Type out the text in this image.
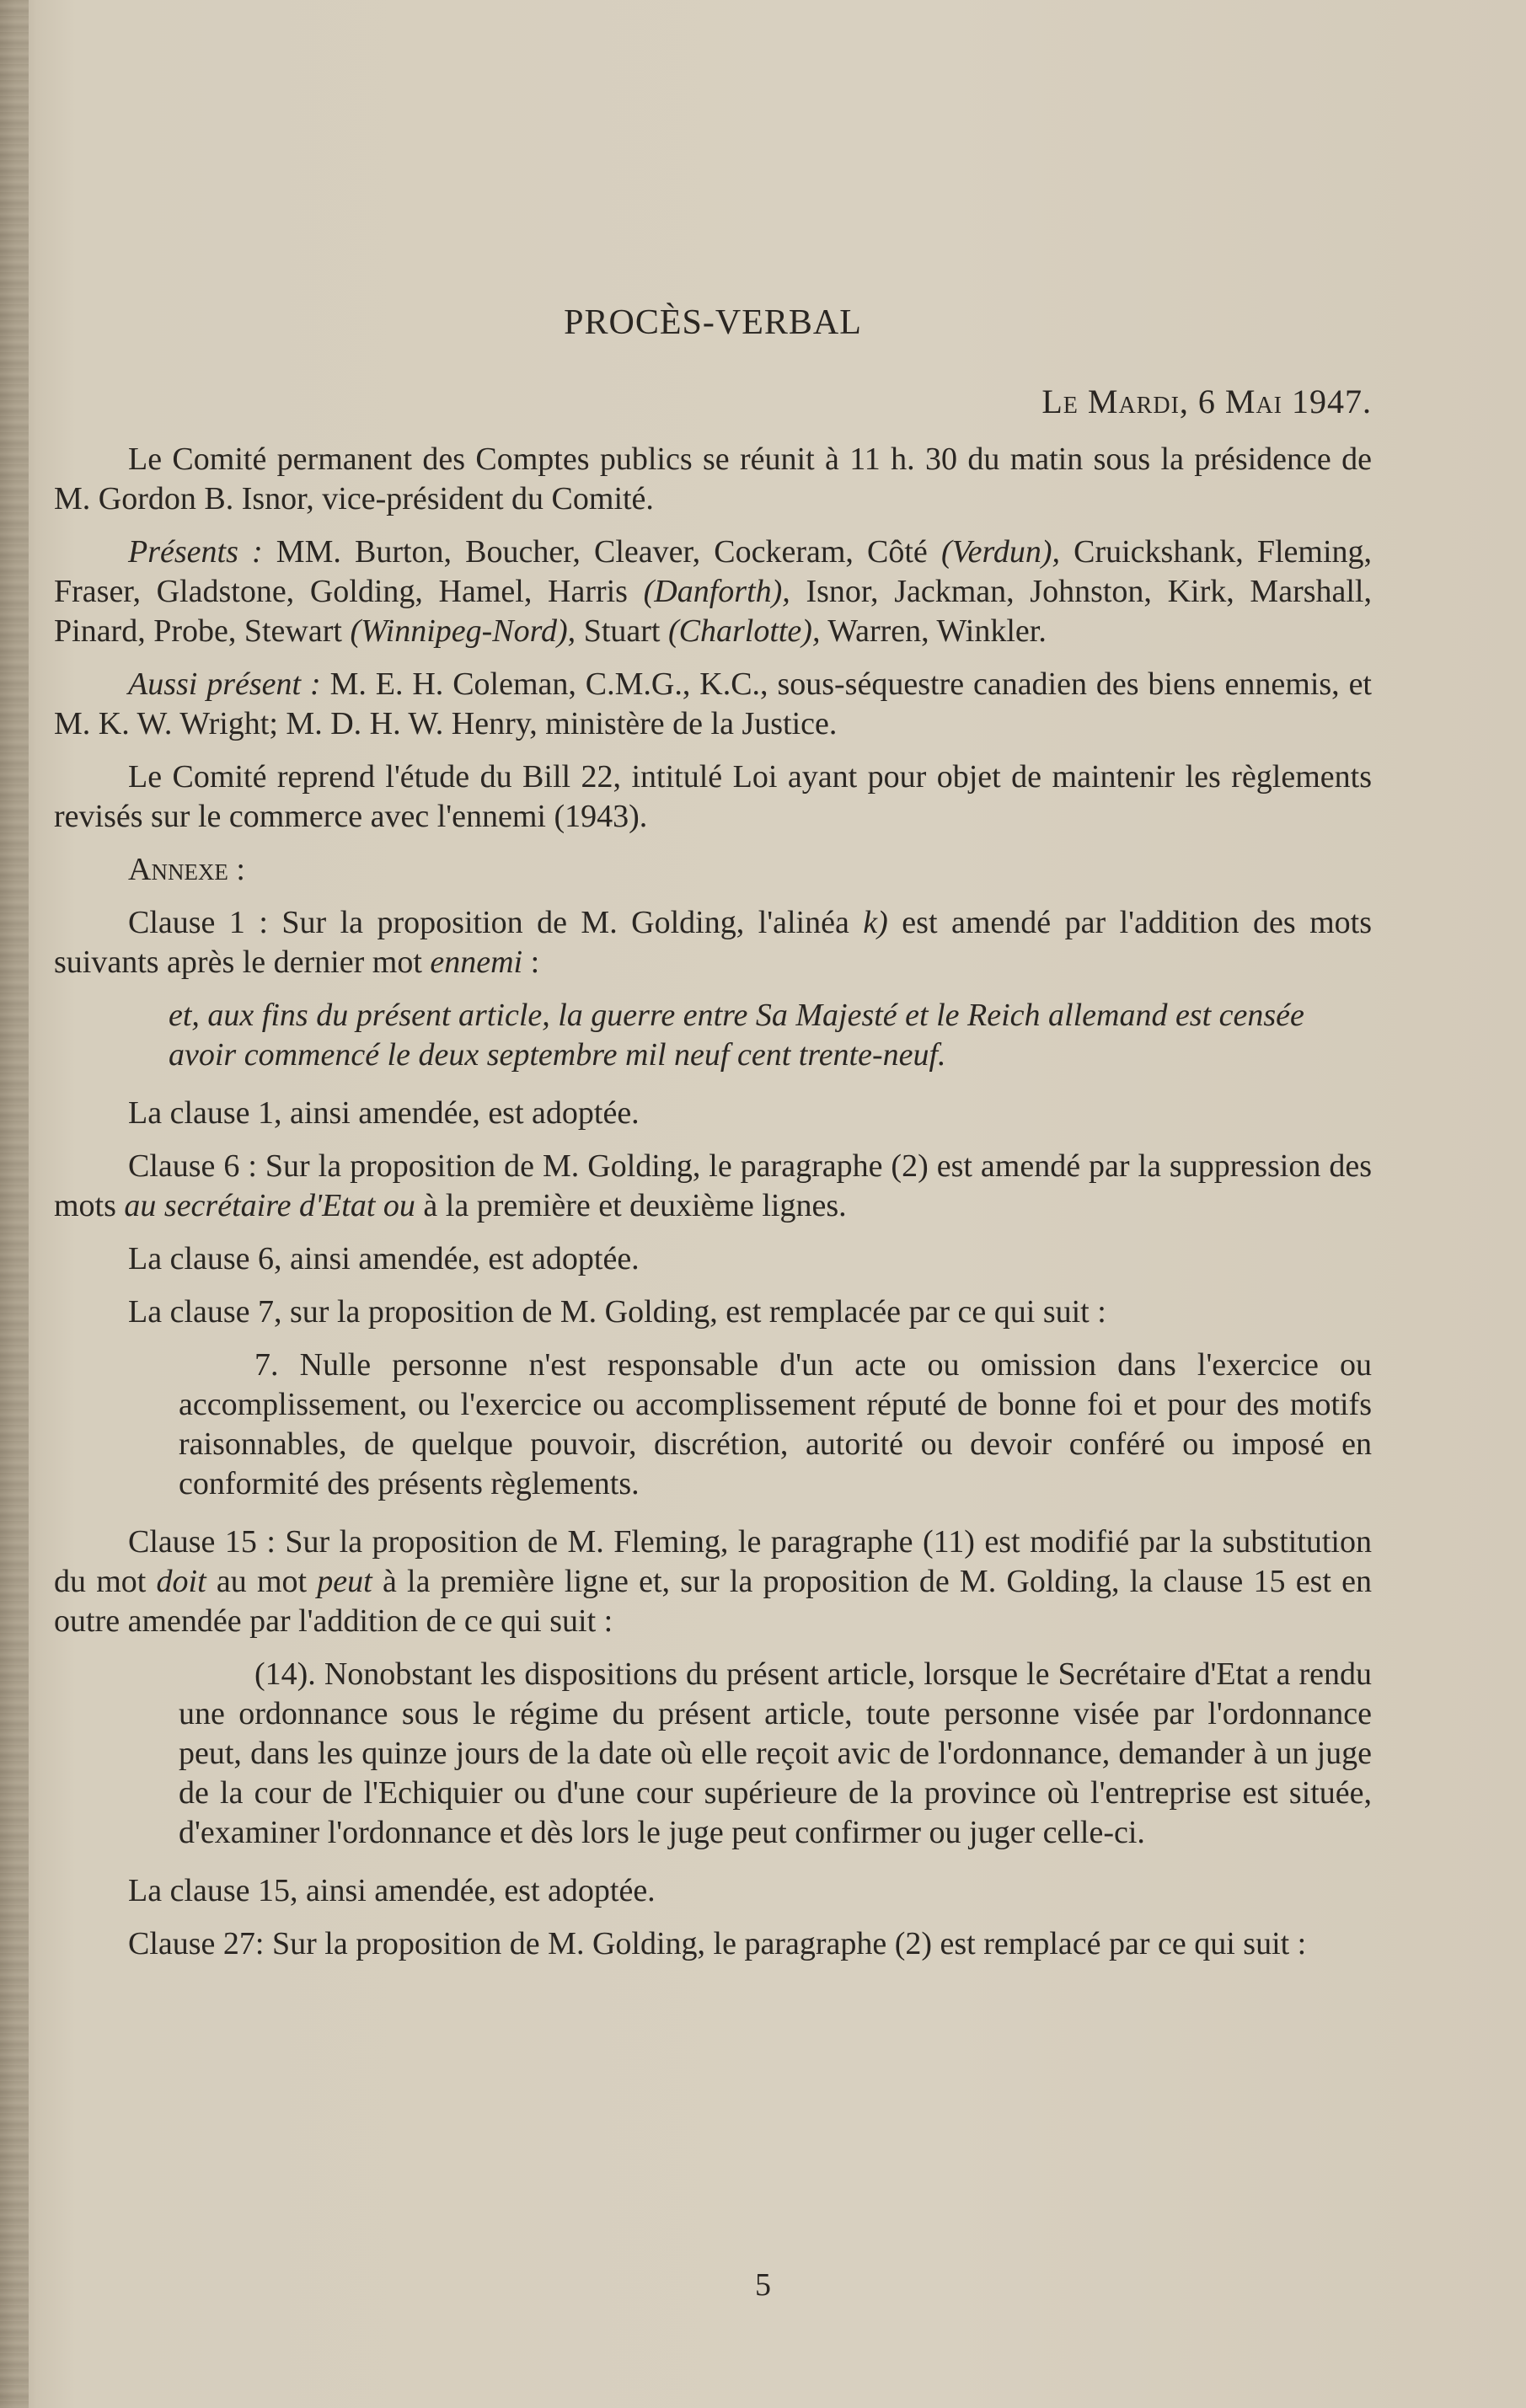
PROCÈS-VERBAL
Le Mardi, 6 Mai 1947.

Le Comité permanent des Comptes publics se réunit à 11 h. 30 du matin sous la présidence de M. Gordon B. Isnor, vice-président du Comité.

Présents : MM. Burton, Boucher, Cleaver, Cockeram, Côté (Verdun), Cruickshank, Fleming, Fraser, Gladstone, Golding, Hamel, Harris (Danforth), Isnor, Jackman, Johnston, Kirk, Marshall, Pinard, Probe, Stewart (Winnipeg-Nord), Stuart (Charlotte), Warren, Winkler.

Aussi présent : M. E. H. Coleman, C.M.G., K.C., sous-séquestre canadien des biens ennemis, et M. K. W. Wright; M. D. H. W. Henry, ministère de la Justice.

Le Comité reprend l'étude du Bill 22, intitulé Loi ayant pour objet de maintenir les règlements revisés sur le commerce avec l'ennemi (1943).

Annexe :

Clause 1 : Sur la proposition de M. Golding, l'alinéa k) est amendé par l'addition des mots suivants après le dernier mot ennemi :

et, aux fins du présent article, la guerre entre Sa Majesté et le Reich allemand est censée avoir commencé le deux septembre mil neuf cent trente-neuf.

La clause 1, ainsi amendée, est adoptée.

Clause 6 : Sur la proposition de M. Golding, le paragraphe (2) est amendé par la suppression des mots au secrétaire d'Etat ou à la première et deuxième lignes.

La clause 6, ainsi amendée, est adoptée.

La clause 7, sur la proposition de M. Golding, est remplacée par ce qui suit :

7. Nulle personne n'est responsable d'un acte ou omission dans l'exercice ou accomplissement, ou l'exercice ou accomplissement réputé de bonne foi et pour des motifs raisonnables, de quelque pouvoir, discrétion, autorité ou devoir conféré ou imposé en conformité des présents règlements.

Clause 15 : Sur la proposition de M. Fleming, le paragraphe (11) est modifié par la substitution du mot doit au mot peut à la première ligne et, sur la proposition de M. Golding, la clause 15 est en outre amendée par l'addition de ce qui suit :

(14). Nonobstant les dispositions du présent article, lorsque le Secrétaire d'Etat a rendu une ordonnance sous le régime du présent article, toute personne visée par l'ordonnance peut, dans les quinze jours de la date où elle reçoit avic de l'ordonnance, demander à un juge de la cour de l'Echiquier ou d'une cour supérieure de la province où l'entreprise est située, d'examiner l'ordonnance et dès lors le juge peut confirmer ou juger celle-ci.

La clause 15, ainsi amendée, est adoptée.

Clause 27: Sur la proposition de M. Golding, le paragraphe (2) est remplacé par ce qui suit :

5
